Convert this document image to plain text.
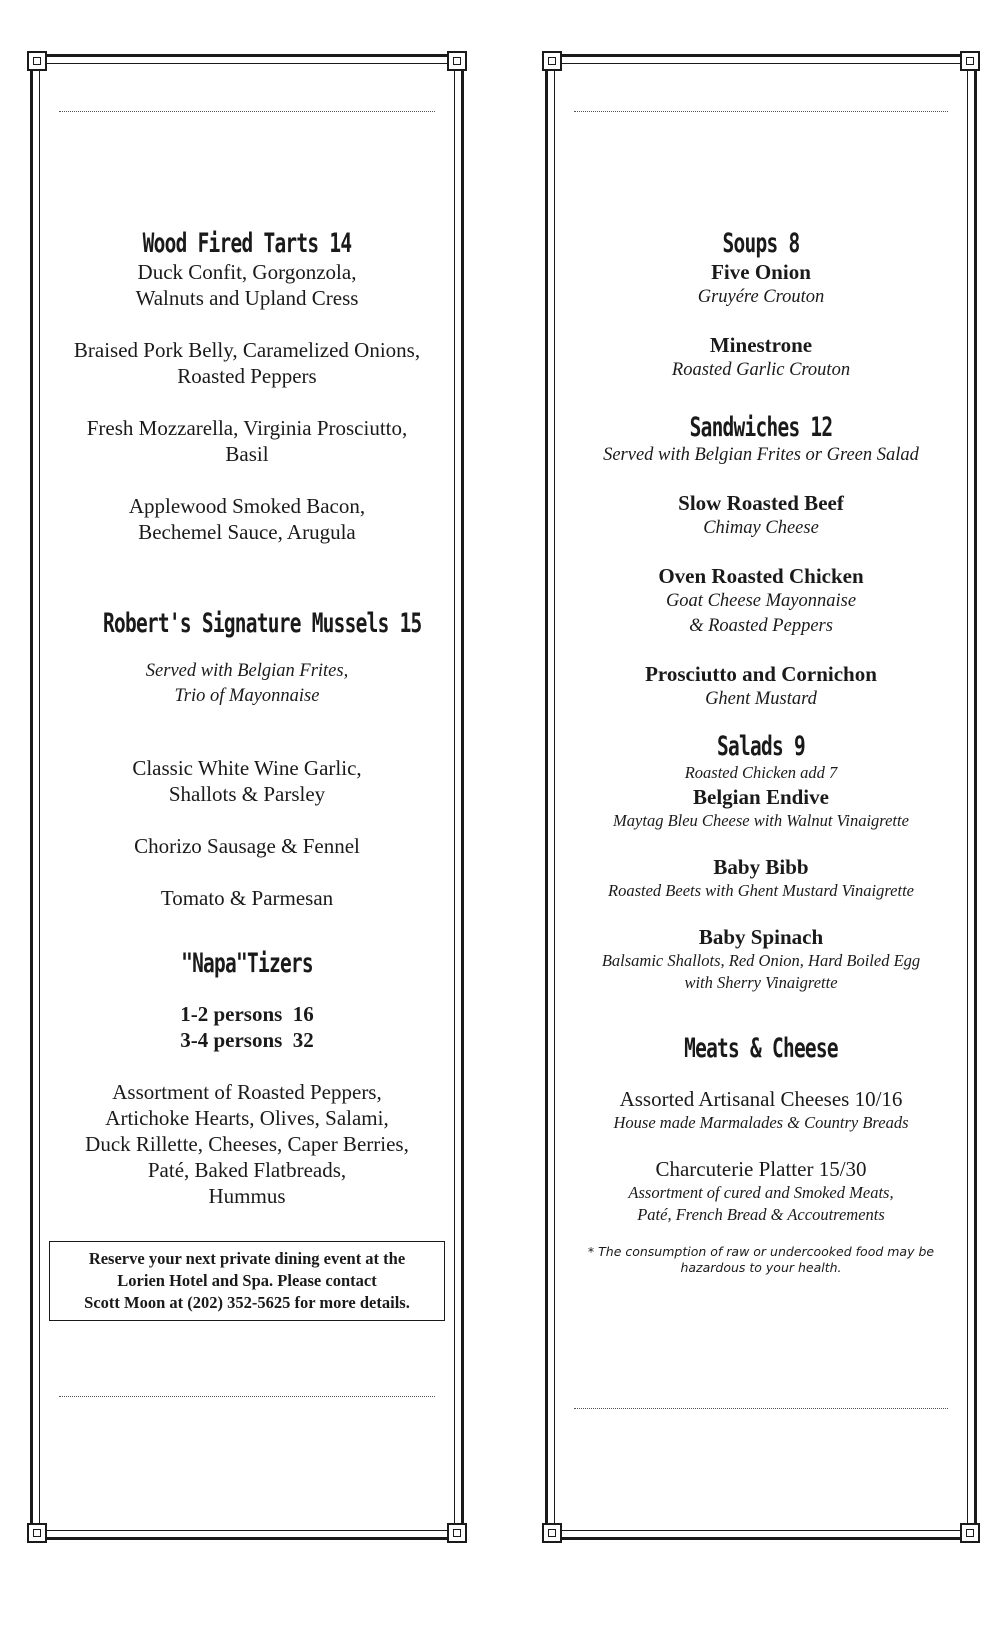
Wood Fired Tarts 14

Duck Confit, Gorgonzola,

Walnuts and Upland Cress

Braised Pork Belly, Caramelized Onions,

Roasted Peppers

Fresh Mozzarella, Virginia Prosciutto,

Basil

Applewood Smoked Bacon,

Bechemel Sauce, Arugula

Robert's Signature Mussels 15

Served with Belgian Frites,

Trio of Mayonnaise

Classic White Wine Garlic,

Shallots & Parsley

Chorizo Sausage & Fennel

Tomato & Parmesan

"Napa"Tizers

1-2 persons  16

3-4 persons  32

Assortment of Roasted Peppers,

Artichoke Hearts, Olives, Salami,

Duck Rillette, Cheeses, Caper Berries,

Paté, Baked Flatbreads,

Hummus

Reserve your next private dining event at the
Lorien Hotel and Spa. Please contact
Scott Moon at (202) 352-5625 for more details.

Soups 8

Five Onion

Gruyére Crouton

Minestrone

Roasted Garlic Crouton

Sandwiches 12

Served with Belgian Frites or Green Salad

Slow Roasted Beef

Chimay Cheese

Oven Roasted Chicken

Goat Cheese Mayonnaise

& Roasted Peppers

Prosciutto and Cornichon

Ghent Mustard

Salads 9

Roasted Chicken add 7

Belgian Endive

Maytag Bleu Cheese with Walnut Vinaigrette

Baby Bibb

Roasted Beets with Ghent Mustard Vinaigrette

Baby Spinach

Balsamic Shallots, Red Onion, Hard Boiled Egg

with Sherry Vinaigrette

Meats & Cheese

Assorted Artisanal Cheeses 10/16

House made Marmalades & Country Breads

Charcuterie Platter 15/30

Assortment of cured and Smoked Meats,

Paté, French Bread & Accoutrements

* The consumption of raw or undercooked food may be

hazardous to your health.
